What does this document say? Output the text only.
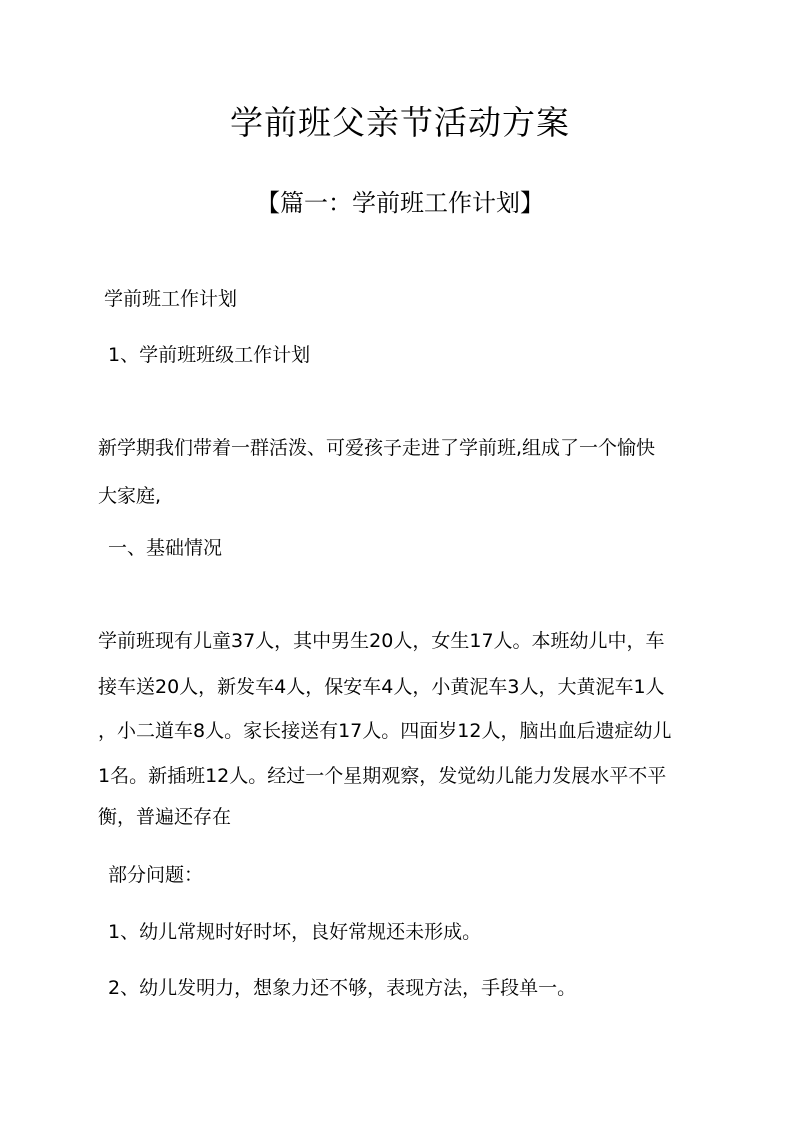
学前班父亲节活动方案
【篇一：学前班工作计划】

学前班工作计划

1、学前班班级工作计划

新学期我们带着一群活泼、可爱孩子走进了学前班,组成了一个愉快

大家庭,

一、基础情况

学前班现有儿童37人，其中男生20人，女生17人。本班幼儿中，车

接车送20人，新发车4人，保安车4人，小黄泥车3人，大黄泥车1人

，小二道车8人。家长接送有17人。四面岁12人，脑出血后遗症幼儿

1名。新插班12人。经过一个星期观察，发觉幼儿能力发展水平不平

衡，普遍还存在

部分问题：

1、幼儿常规时好时坏，良好常规还未形成。

2、幼儿发明力，想象力还不够，表现方法，手段单一。
